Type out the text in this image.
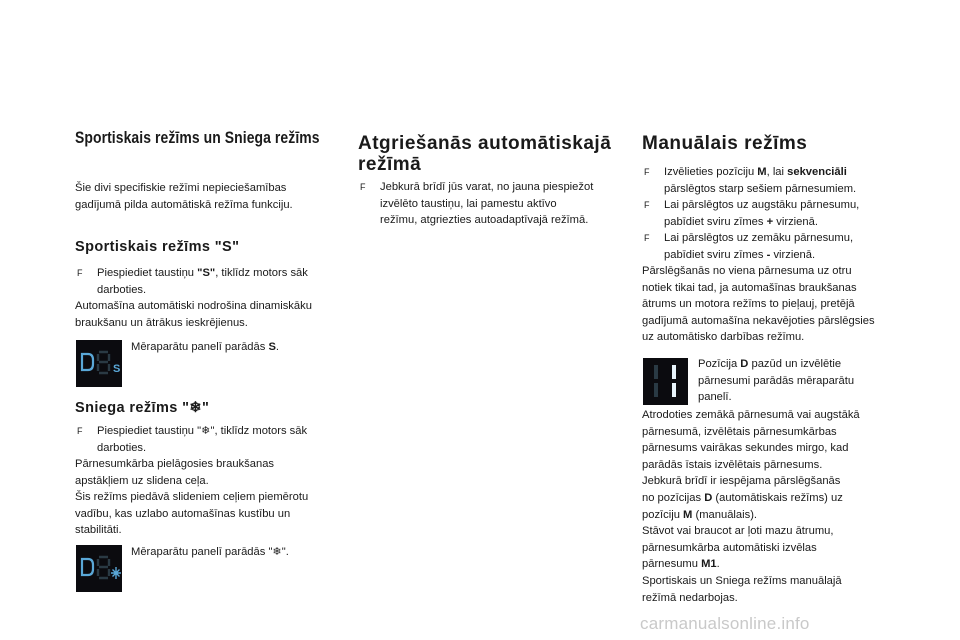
Sportiskais režīms un Sniega režīms

Šie divi specifiskie režīmi nepieciešamības
gadījumā pilda automātiskā režīma funkciju.

Sportiskais režīms "S"
F Piespiediet taustiņu "S", tiklīdz motors sāk
darboties.

Automašīna automātiski nodrošina dinamiskāku
braukšanu un ātrākus ieskrējienus.

S

Mēraparātu panelī parādās S.

Sniega režīms "❄"
F Piespiediet taustiņu "❄", tiklīdz motors sāk
darboties.

Pārnesumkārba pielāgosies braukšanas
apstākļiem uz slidena ceļa.
Šis režīms piedāvā slideniem ceļiem piemērotu
vadību, kas uzlabo automašīnas kustību un
stabilitāti.

Mēraparātu panelī parādās "❄".

Atgriešanās automātiskajā
režīmā
F Jebkurā brīdī jūs varat, no jauna piespiežot
izvēlēto taustiņu, lai pamestu aktīvo
režīmu, atgriezties autoadaptīvajā režīmā.
Manuālais režīms
F Izvēlieties pozīciju M, lai sekvenciāli
pārslēgtos starp sešiem pārnesumiem.
F Lai pārslēgtos uz augstāku pārnesumu,
pabīdiet sviru zīmes + virzienā.
F Lai pārslēgtos uz zemāku pārnesumu,
pabīdiet sviru zīmes - virzienā.

Pārslēgšanās no viena pārnesuma uz otru
notiek tikai tad, ja automašīnas braukšanas
ātrums un motora režīms to pieļauj, pretējā
gadījumā automašīna nekavējoties pārslēgsies
uz automātisko darbības režīmu.

Pozīcija D pazūd un izvēlētie
pārnesumi parādās mēraparātu
panelī.

Atrodoties zemākā pārnesumā vai augstākā
pārnesumā, izvēlētais pārnesumkārbas
pārnesums vairākas sekundes mirgo, kad
parādās īstais izvēlētais pārnesums.
Jebkurā brīdī ir iespējama pārslēgšanās
no pozīcijas D (automātiskais režīms) uz
pozīciju M (manuālais).
Stāvot vai braucot ar ļoti mazu ātrumu,
pārnesumkārba automātiski izvēlas
pārnesumu M1.
Sportiskais un Sniega režīms manuālajā
režīmā nedarbojas.

carmanualsonline.info
